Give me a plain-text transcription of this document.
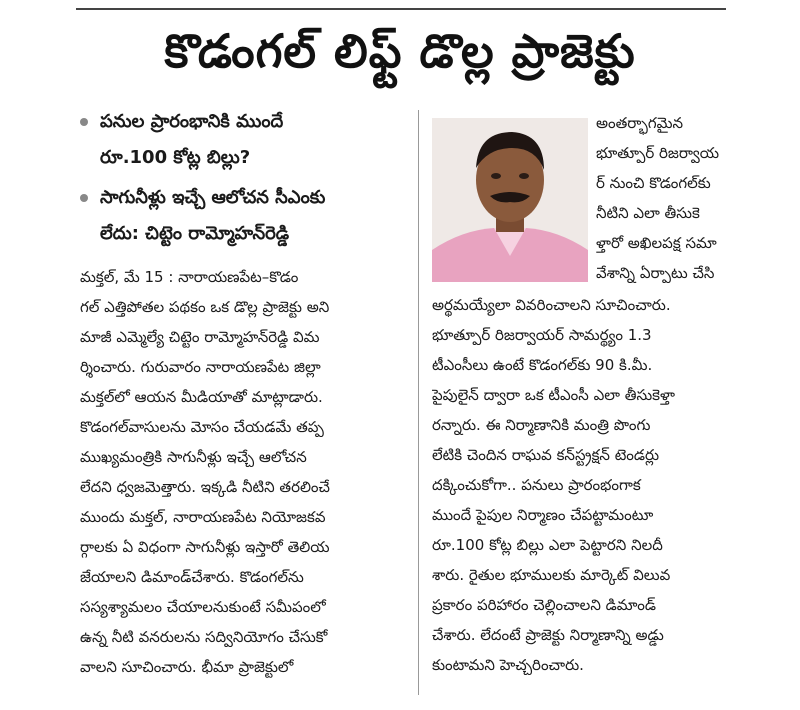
కొడంగల్ లిఫ్ట్ డొల్ల ప్రాజెక్టు
పనుల ప్రారంభానికి ముందే
రూ.100 కోట్ల బిల్లు?
సాగునీళ్లు ఇచ్చే ఆలోచన సీఎంకు
లేదు: చిట్టెం రామ్మోహన్‌రెడ్డి
అంతర్భాగమైన
భూత్పూర్ రిజర్వాయ
ర్ నుంచి కొడంగల్‌కు
నీటిని ఎలా తీసుకె
ళ్తారో అఖిలపక్ష సమా
వేశాన్ని ఏర్పాటు చేసి
మక్తల్, మే 15 : నారాయణపేట–కొడం
గల్ ఎత్తిపోతల పథకం ఒక డొల్ల ప్రాజెక్టు అని
మాజీ ఎమ్మెల్యే చిట్టెం రామ్మోహన్‌రెడ్డి విమ
ర్శించారు. గురువారం నారాయణపేట జిల్లా
మక్తల్‌లో ఆయన మీడియాతో మాట్లాడారు.
కొడంగల్‌వాసులను మోసం చేయడమే తప్ప
ముఖ్యమంత్రికి సాగునీళ్లు ఇచ్చే ఆలోచన
లేదని ధ్వజమెత్తారు. ఇక్కడి నీటిని తరలించే
ముందు మక్తల్, నారాయణపేట నియోజకవ
ర్గాలకు ఏ విధంగా సాగునీళ్లు ఇస్తారో తెలియ
జేయాలని డిమాండ్‌చేశారు. కొడంగల్‌ను
సస్యశ్యామలం చేయాలనుకుంటే సమీపంలో
ఉన్న నీటి వనరులను సద్వినియోగం చేసుకో
వాలని సూచించారు. భీమా ప్రాజెక్టులో
అర్థమయ్యేలా వివరించాలని సూచించారు.
భూత్పూర్ రిజర్వాయర్ సామర్థ్యం 1.3
టీఎంసీలు ఉంటే కొడంగల్‌కు 90 కి.మీ.
పైపులైన్ ద్వారా ఒక టీఎంసీ ఎలా తీసుకెళ్తా
రన్నారు. ఈ నిర్మాణానికి మంత్రి పొంగు
లేటికి చెందిన రాఘవ కన్‌స్ట్రక్షన్ టెండర్లు
దక్కించుకోగా.. పనులు ప్రారంభంగాక
ముందే పైపుల నిర్మాణం చేపట్టామంటూ
రూ.100 కోట్ల బిల్లు ఎలా పెట్టారని నిలదీ
శారు. రైతుల భూములకు మార్కెట్ విలువ
ప్రకారం పరిహారం చెల్లించాలని డిమాండ్
చేశారు. లేదంటే ప్రాజెక్టు నిర్మాణాన్ని అడ్డు
కుంటామని హెచ్చరించారు.
